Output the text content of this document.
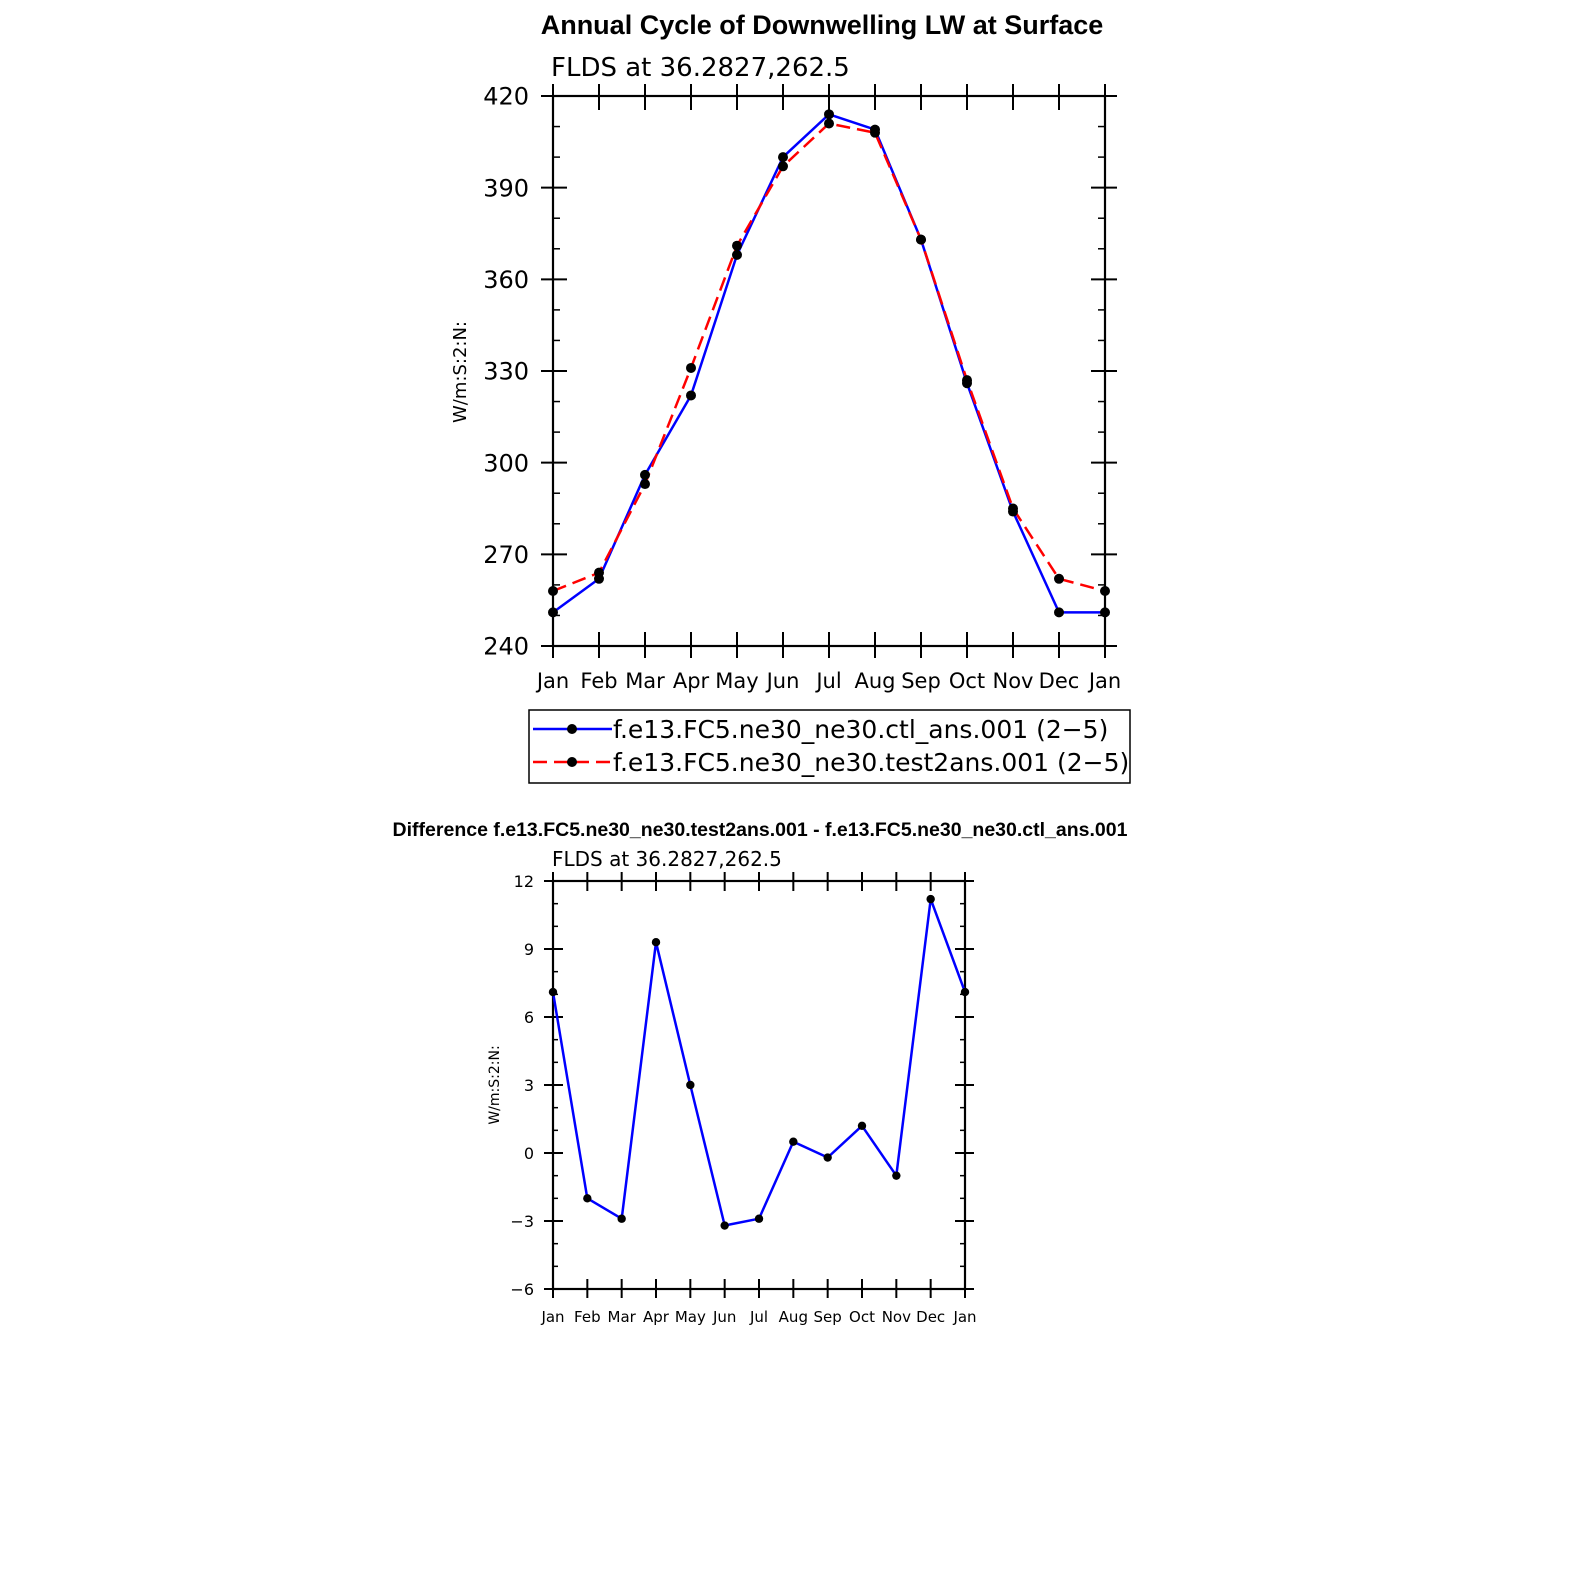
Annual Cycle of Downwelling LW at Surface
FLDS at 36.2827,262.5
W/m:S:2:N:
240
270
300
330
360
390
420
Jan Feb Mar Apr May Jun Jul Aug Sep Oct Nov Dec Jan
f.e13.FC5.ne30_ne30.ctl_ans.001 (2−5)
f.e13.FC5.ne30_ne30.test2ans.001 (2−5)
Difference f.e13.FC5.ne30_ne30.test2ans.001 - f.e13.FC5.ne30_ne30.ctl_ans.001
FLDS at 36.2827,262.5
W/m:S:2:N:
−6
−3
0
3
6
9
12
Jan Feb Mar Apr May Jun Jul Aug Sep Oct Nov Dec Jan
